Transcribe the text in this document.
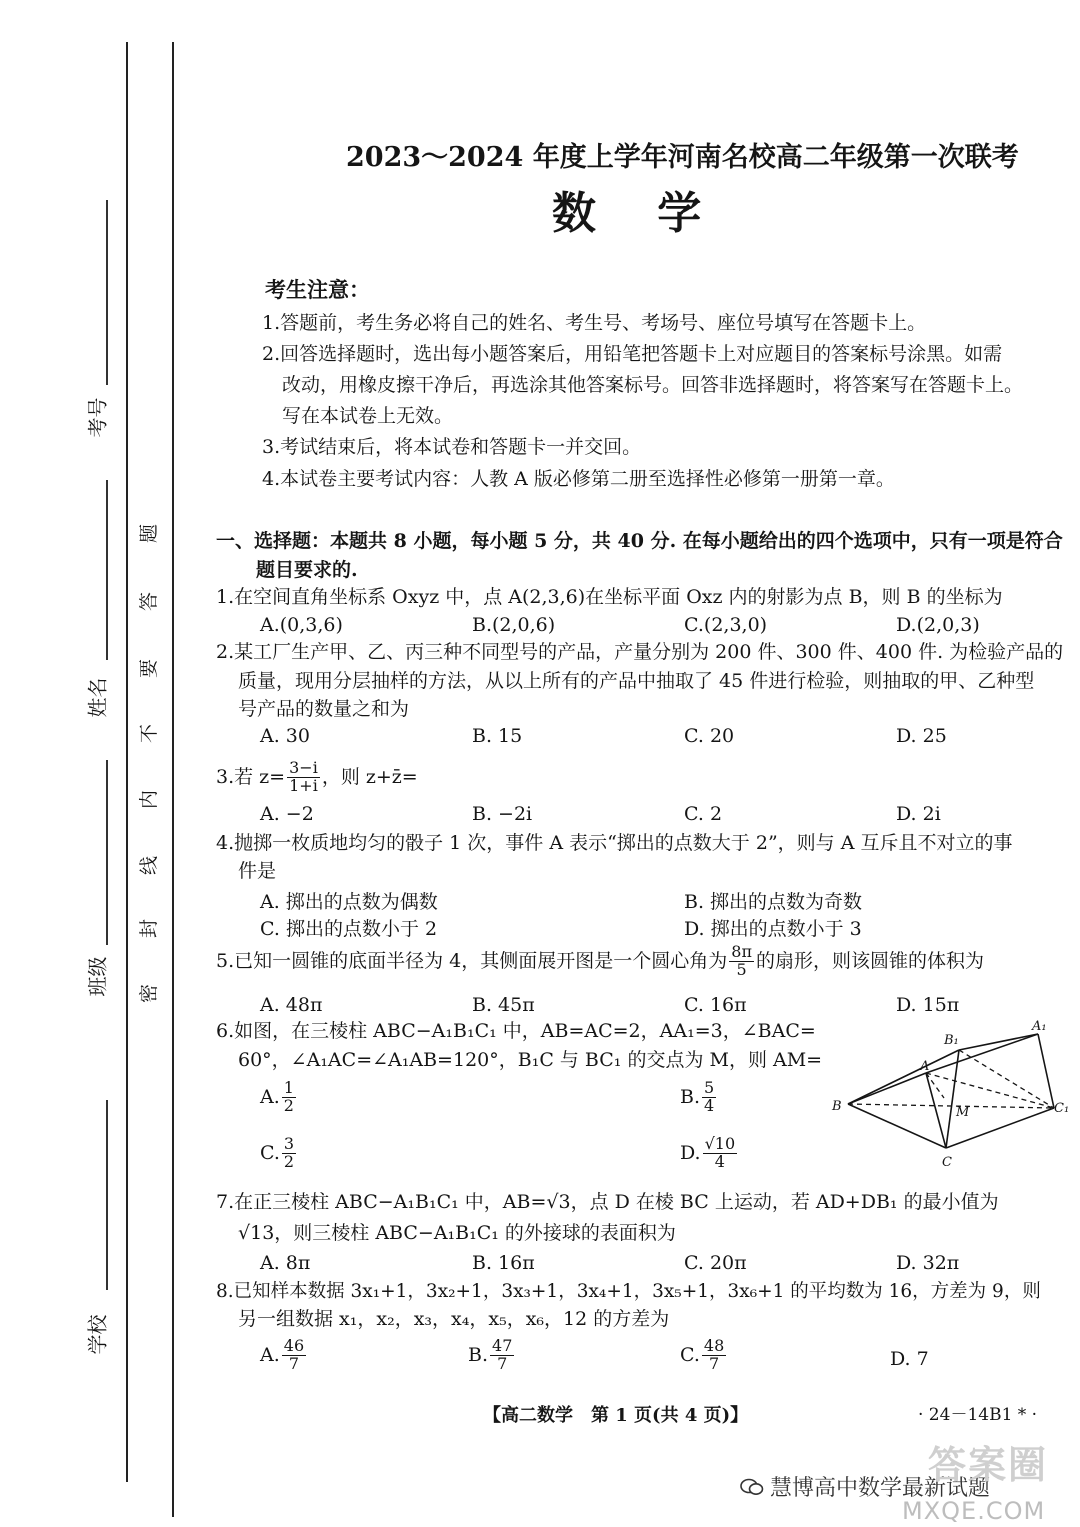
考号
姓名
班级
学校
题
答
要
不
内
线
封
密
2023～2024 年度上学年河南名校高二年级第一次联考
数    学
考生注意：
1.答题前，考生务必将自己的姓名、考生号、考场号、座位号填写在答题卡上。
2.回答选择题时，选出每小题答案后，用铅笔把答题卡上对应题目的答案标号涂黑。如需
改动，用橡皮擦干净后，再选涂其他答案标号。回答非选择题时，将答案写在答题卡上。
写在本试卷上无效。
3.考试结束后，将本试卷和答题卡一并交回。
4.本试卷主要考试内容：人教 A 版必修第二册至选择性必修第一册第一章。
一、选择题：本题共 8 小题，每小题 5 分，共 40 分. 在每小题给出的四个选项中，只有一项是符合
题目要求的.
1.在空间直角坐标系 Oxyz 中，点 A(2,3,6)在坐标平面 Oxz 内的射影为点 B，则 B 的坐标为
A.(0,3,6)	B.(2,0,6)	C.(2,3,0)	D.(2,0,3)
2.某工厂生产甲、乙、丙三种不同型号的产品，产量分别为 200 件、300 件、400 件. 为检验产品的
质量，现用分层抽样的方法，从以上所有的产品中抽取了 45 件进行检验，则抽取的甲、乙种型
号产品的数量之和为
A. 30	B. 15	C. 20	D. 25
3.若 $z= \frac{3-i}{1+i}$ ，则 z+z̄=
A. −2	B. −2i	C. 2	D. 2i
4.抛掷一枚质地均匀的骰子 1 次，事件 A 表示“掷出的点数大于 2”，则与 A 互斥且不对立的事
件是
A. 掷出的点数为偶数	B. 掷出的点数为奇数
C. 掷出的点数小于 2	D. 掷出的点数小于 3
5.已知一圆锥的底面半径为 4，其侧面展开图是一个圆心角为 $\frac{8\pi}{5}$ 的扇形，则该圆锥的体积为
A. 48π	B. 45π	C. 16π	D. 15π
6.如图，在三棱柱 ABC−A₁B₁C₁ 中，AB=AC=2，AA₁=3，∠BAC=
60°，∠A₁AC=∠A₁AB=120°，B₁C 与 BC₁ 的交点为 M，则 AM=
A. $\frac{1}{2}$	B. $\frac{5}{4}$
C. $\frac{3}{2}$	D. $\frac{√10}{4}$
B₁
A₁
A
B	M	C₁
C
7.在正三棱柱 ABC−A₁B₁C₁ 中，AB=√3，点 D 在棱 BC 上运动，若 AD+DB₁ 的最小值为
√13，则三棱柱 ABC−A₁B₁C₁ 的外接球的表面积为
A. 8π	B. 16π	C. 20π	D. 32π
8.已知样本数据 3x₁+1，3x₂+1，3x₃+1，3x₄+1，3x₅+1，3x₆+1 的平均数为 16，方差为 9，则
另一组数据 x₁，x₂，x₃，x₄，x₅，x₆，12 的方差为
A. $\frac{46}{7}$	B. $\frac{47}{7}$	C. $\frac{48}{7}$	D. 7
【高二数学　第 1 页(共 4 页)】	· 24－14B1 * ·
慧博高中数学最新试题
答案圈
MXQE.COM
